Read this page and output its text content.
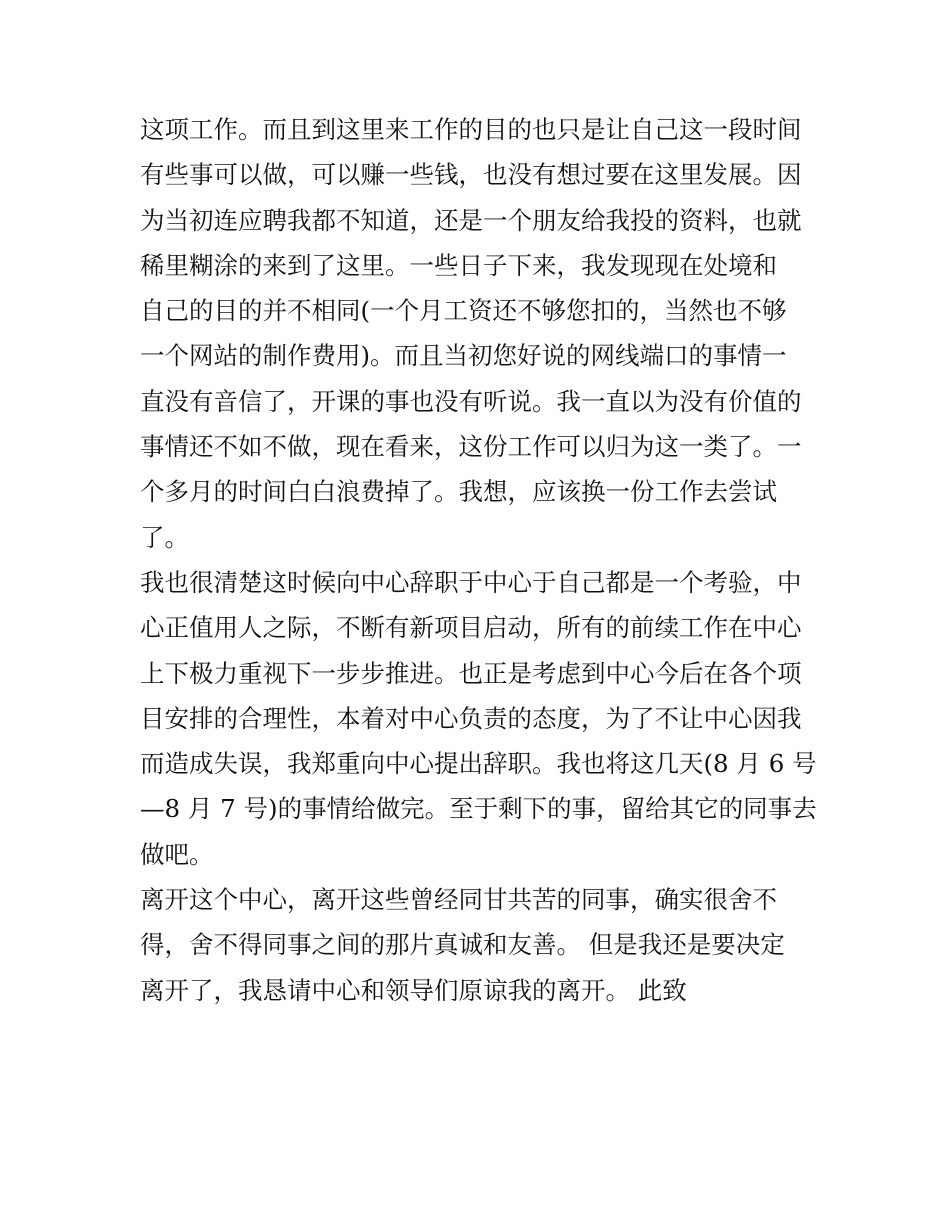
这项工作。而且到这里来工作的目的也只是让自己这一段时间
有些事可以做，可以赚一些钱，也没有想过要在这里发展。因
为当初连应聘我都不知道，还是一个朋友给我投的资料，也就
稀里糊涂的来到了这里。一些日子下来，我发现现在处境和
自己的目的并不相同(一个月工资还不够您扣的，当然也不够
一个网站的制作费用)。而且当初您好说的网线端口的事情一
直没有音信了，开课的事也没有听说。我一直以为没有价值的
事情还不如不做，现在看来，这份工作可以归为这一类了。一
个多月的时间白白浪费掉了。我想，应该换一份工作去尝试
了。
我也很清楚这时候向中心辞职于中心于自己都是一个考验，中
心正值用人之际，不断有新项目启动，所有的前续工作在中心
上下极力重视下一步步推进。也正是考虑到中心今后在各个项
目安排的合理性，本着对中心负责的态度，为了不让中心因我
而造成失误，我郑重向中心提出辞职。我也将这几天(8 月 6 号
—8 月 7 号)的事情给做完。至于剩下的事，留给其它的同事去
做吧。
离开这个中心，离开这些曾经同甘共苦的同事，确实很舍不
得，舍不得同事之间的那片真诚和友善。 但是我还是要决定
离开了，我恳请中心和领导们原谅我的离开。 此致
